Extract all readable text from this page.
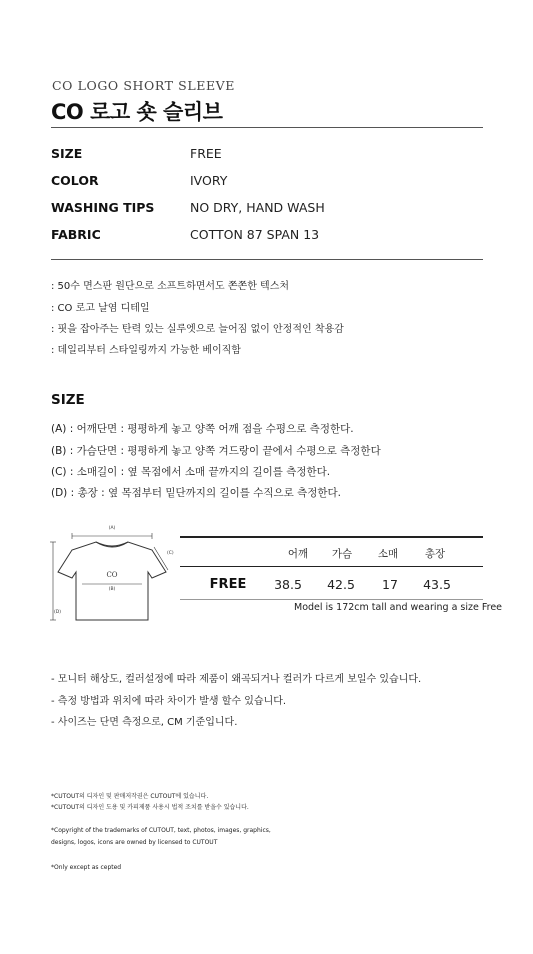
CO LOGO SHORT SLEEVE
CO 로고 숏 슬리브
SIZE	FREE
COLOR	IVORY
WASHING TIPS	NO DRY, HAND WASH
FABRIC	COTTON 87 SPAN 13
: 50수 면스판 원단으로 소프트하면서도 쫀쫀한 텍스처
: CO 로고 날염 디테일
: 핏을 잡아주는 탄력 있는 실루엣으로 늘어짐 없이 안정적인 착용감
: 데일리부터 스타일링까지 가능한 베이직함
SIZE
(A) : 어깨단면 : 평평하게 놓고 양쪽 어깨 점을 수평으로 측정한다.
(B) : 가슴단면 : 평평하게 놓고 양쪽 겨드랑이 끝에서 수평으로 측정한다
(C) : 소매길이 : 옆 목점에서 소매 끝까지의 길이를 측정한다.
(D) : 총장 : 옆 목점부터 밑단까지의 길이를 수직으로 측정한다.
(A)
(C)
CO
(B)
(D)
어깨	가슴	소매	총장
FREE	38.5	42.5	17	43.5
Model is 172cm tall and wearing a size Free
- 모니터 해상도, 컬러설정에 따라 제품이 왜곡되거나 컬러가 다르게 보일수 있습니다.
- 측정 방법과 위치에 따라 차이가 발생 할수 있습니다.
- 사이즈는 단면 측정으로, CM 기준입니다.
*CUTOUT의 디자인 및 판매저작권은 CUTOUT에 있습니다.
*CUTOUT의 디자인 도용 및 카피제품 사용시 법적 조치를 받을수 있습니다.
*Copyright of the trademarks of CUTOUT, text, photos, images, graphics,
designs, logos, icons are owned by licensed to CUTOUT
*Only except as cepted
